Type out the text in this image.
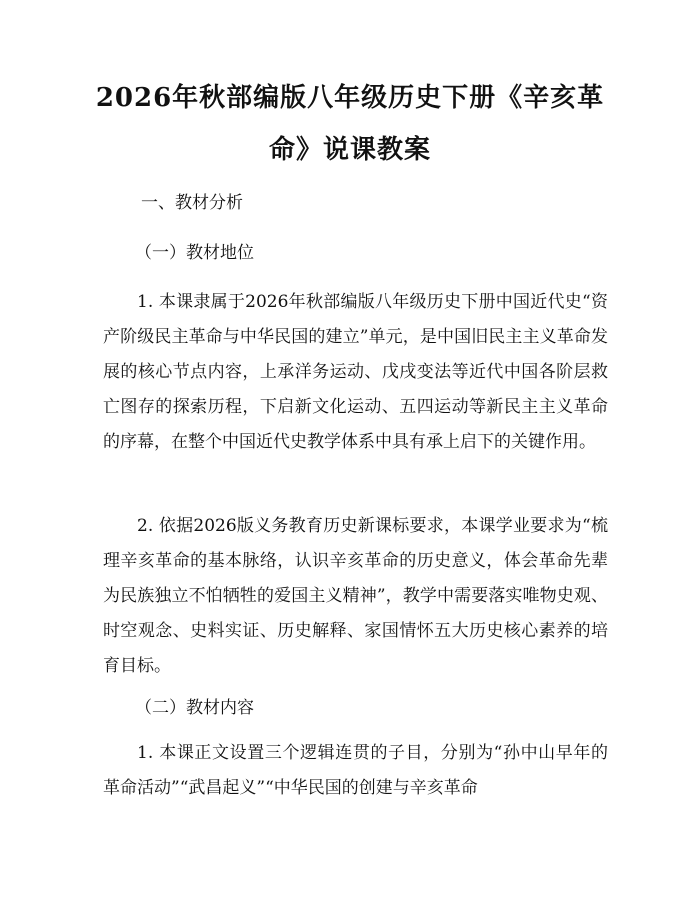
2026年秋部编版八年级历史下册《辛亥革命》说课教案
一、教材分析
（一）教材地位

1. 本课隶属于2026年秋部编版八年级历史下册中国近代史“资产阶级民主革命与中华民国的建立”单元，是中国旧民主主义革命发展的核心节点内容，上承洋务运动、戊戌变法等近代中国各阶层救亡图存的探索历程，下启新文化运动、五四运动等新民主主义革命的序幕，在整个中国近代史教学体系中具有承上启下的关键作用。

2. 依据2026版义务教育历史新课标要求，本课学业要求为“梳理辛亥革命的基本脉络，认识辛亥革命的历史意义，体会革命先辈为民族独立不怕牺牲的爱国主义精神”，教学中需要落实唯物史观、时空观念、史料实证、历史解释、家国情怀五大历史核心素养的培育目标。

（二）教材内容

1. 本课正文设置三个逻辑连贯的子目，分别为“孙中山早年的革命活动”“武昌起义”“中华民国的创建与辛亥革命
